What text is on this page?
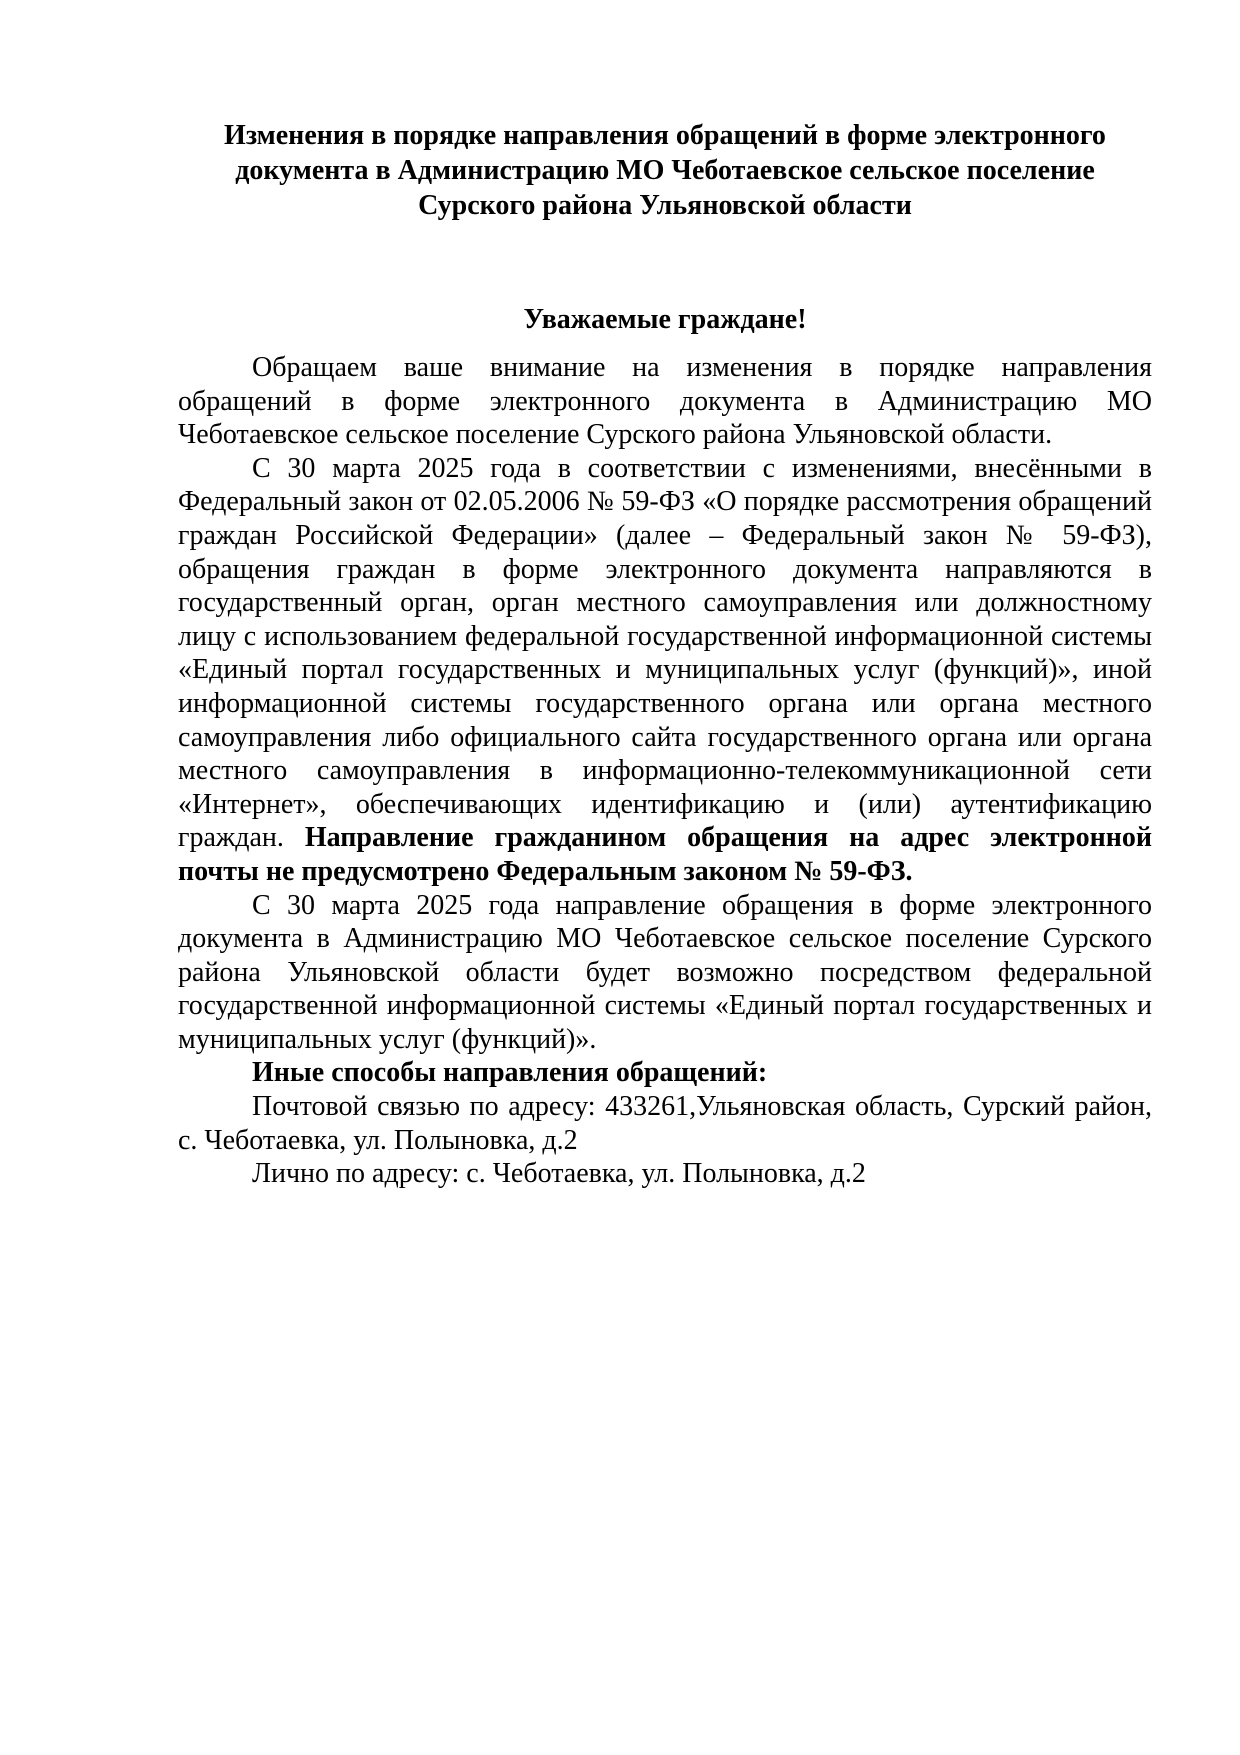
Изменения в порядке направления обращений в форме электронного документа в Администрацию МО Чеботаевское сельское поселение Сурского района Ульяновской области
Уважаемые граждане!

Обращаем ваше внимание на изменения в порядке направления обращений в форме электронного документа в Администрацию МО Чеботаевское сельское поселение Сурского района Ульяновской области.

С 30 марта 2025 года в соответствии с изменениями, внесёнными в Федеральный закон от 02.05.2006 № 59-ФЗ «О порядке рассмотрения обращений граждан Российской Федерации» (далее – Федеральный закон № 59-ФЗ), обращения граждан в форме электронного документа направляются в государственный орган, орган местного самоуправления или должностному лицу с использованием федеральной государственной информационной системы «Единый портал государственных и муниципальных услуг (функций)», иной информационной системы государственного органа или органа местного самоуправления либо официального сайта государственного органа или органа местного самоуправления в информационно-телекоммуникационной сети «Интернет», обеспечивающих идентификацию и (или) аутентификацию граждан. Направление гражданином обращения на адрес электронной почты не предусмотрено Федеральным законом № 59-ФЗ.

С 30 марта 2025 года направление обращения в форме электронного документа в Администрацию МО Чеботаевское сельское поселение Сурского района Ульяновской области будет возможно посредством федеральной государственной информационной системы «Единый портал государственных и муниципальных услуг (функций)».

Иные способы направления обращений:

Почтовой связью по адресу: 433261,Ульяновская область, Сурский район, с. Чеботаевка, ул. Полыновка, д.2

Лично по адресу: с. Чеботаевка, ул. Полыновка, д.2
